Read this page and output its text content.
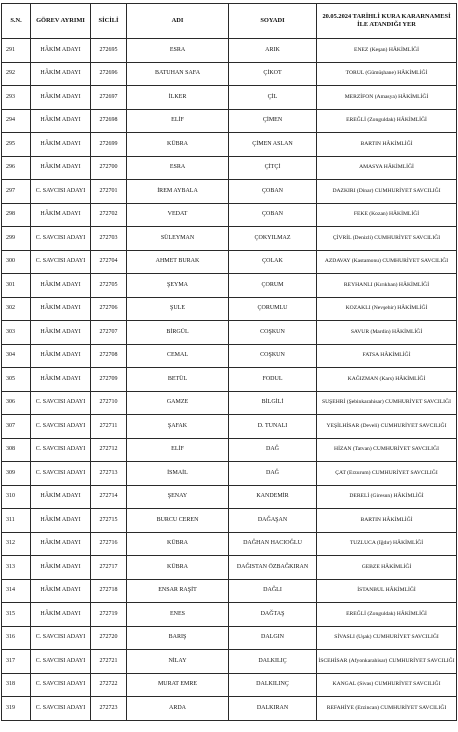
S.N.	GÖREV AYRIMI	SİCİLİ	ADI	SOYADI	20.05.2024 TARİHLİ KURA KARARNAMESİ İLE ATANDIĞI YER
291	HÂKİM ADAYI	272695	ESRA	ARIK	ENEZ (Keşan) HÂKİMLİĞİ
292	HÂKİM ADAYI	272696	BATUHAN SAFA	ÇİKOT	TORUL (Gümüşhane) HÂKİMLİĞİ
293	HÂKİM ADAYI	272697	İLKER	ÇİL	MERZİFON (Amasya) HÂKİMLİĞİ
294	HÂKİM ADAYI	272698	ELİF	ÇİMEN	EREĞLİ (Zonguldak) HÂKİMLİĞİ
295	HÂKİM ADAYI	272699	KÜBRA	ÇİMEN ASLAN	BARTIN HÂKİMLİĞİ
296	HÂKİM ADAYI	272700	ESRA	ÇİTÇİ	AMASYA HÂKİMLİĞİ
297	C. SAVCISI ADAYI	272701	İREM AYBALA	ÇOBAN	DAZKIRI (Dinar) CUMHURİYET SAVCILIĞI
298	HÂKİM ADAYI	272702	VEDAT	ÇOBAN	FEKE (Kozan) HÂKİMLİĞİ
299	C. SAVCISI ADAYI	272703	SÜLEYMAN	ÇOKYILMAZ	ÇİVRİL (Denizli) CUMHURİYET SAVCILIĞI
300	C. SAVCISI ADAYI	272704	AHMET BURAK	ÇOLAK	AZDAVAY (Kastamonu) CUMHURİYET SAVCILIĞI
301	HÂKİM ADAYI	272705	ŞEYMA	ÇORUM	REYHANLI (Kırıkhan) HÂKİMLİĞİ
302	HÂKİM ADAYI	272706	ŞULE	ÇORUMLU	KOZAKLI (Nevşehir) HÂKİMLİĞİ
303	HÂKİM ADAYI	272707	BİRGÜL	COŞKUN	SAVUR (Mardin) HÂKİMLİĞİ
304	HÂKİM ADAYI	272708	CEMAL	COŞKUN	FATSA HÂKİMLİĞİ
305	HÂKİM ADAYI	272709	BETÜL	FODUL	KAĞIZMAN (Kars) HÂKİMLİĞİ
306	C. SAVCISI ADAYI	272710	GAMZE	BİLGİLİ	SUŞEHRİ (Şebinkarahisar) CUMHURİYET SAVCILIĞI
307	C. SAVCISI ADAYI	272711	ŞAFAK	D. TUNALI	YEŞİLHİSAR (Develi) CUMHURİYET SAVCILIĞI
308	C. SAVCISI ADAYI	272712	ELİF	DAĞ	HİZAN (Tatvan) CUMHURİYET SAVCILIĞI
309	C. SAVCISI ADAYI	272713	İSMAİL	DAĞ	ÇAT (Erzurum) CUMHURİYET SAVCILIĞI
310	HÂKİM ADAYI	272714	ŞENAY	KANDEMİR	DERELİ (Giresun) HÂKİMLİĞİ
311	HÂKİM ADAYI	272715	BURCU CEREN	DAĞAŞAN	BARTIN HÂKİMLİĞİ
312	HÂKİM ADAYI	272716	KÜBRA	DAĞHAN HACIOĞLU	TUZLUCA (Iğdır) HÂKİMLİĞİ
313	HÂKİM ADAYI	272717	KÜBRA	DAĞISTAN ÖZBAĞKIRAN	GEBZE HÂKİMLİĞİ
314	HÂKİM ADAYI	272718	ENSAR RAŞİT	DAĞLI	İSTANBUL HÂKİMLİĞİ
315	HÂKİM ADAYI	272719	ENES	DAĞTAŞ	EREĞLİ (Zonguldak) HÂKİMLİĞİ
316	C. SAVCISI ADAYI	272720	BARIŞ	DALGIN	SİVASLI (Uşak) CUMHURİYET SAVCILIĞI
317	C. SAVCISI ADAYI	272721	NİLAY	DALKILIÇ	İSCEHİSAR (Afyonkarahisar) CUMHURİYET SAVCILIĞI
318	C. SAVCISI ADAYI	272722	MURAT EMRE	DALKILINÇ	KANGAL (Sivas) CUMHURİYET SAVCILIĞI
319	C. SAVCISI ADAYI	272723	ARDA	DALKIRAN	REFAHİYE (Erzincan) CUMHURİYET SAVCILIĞI
